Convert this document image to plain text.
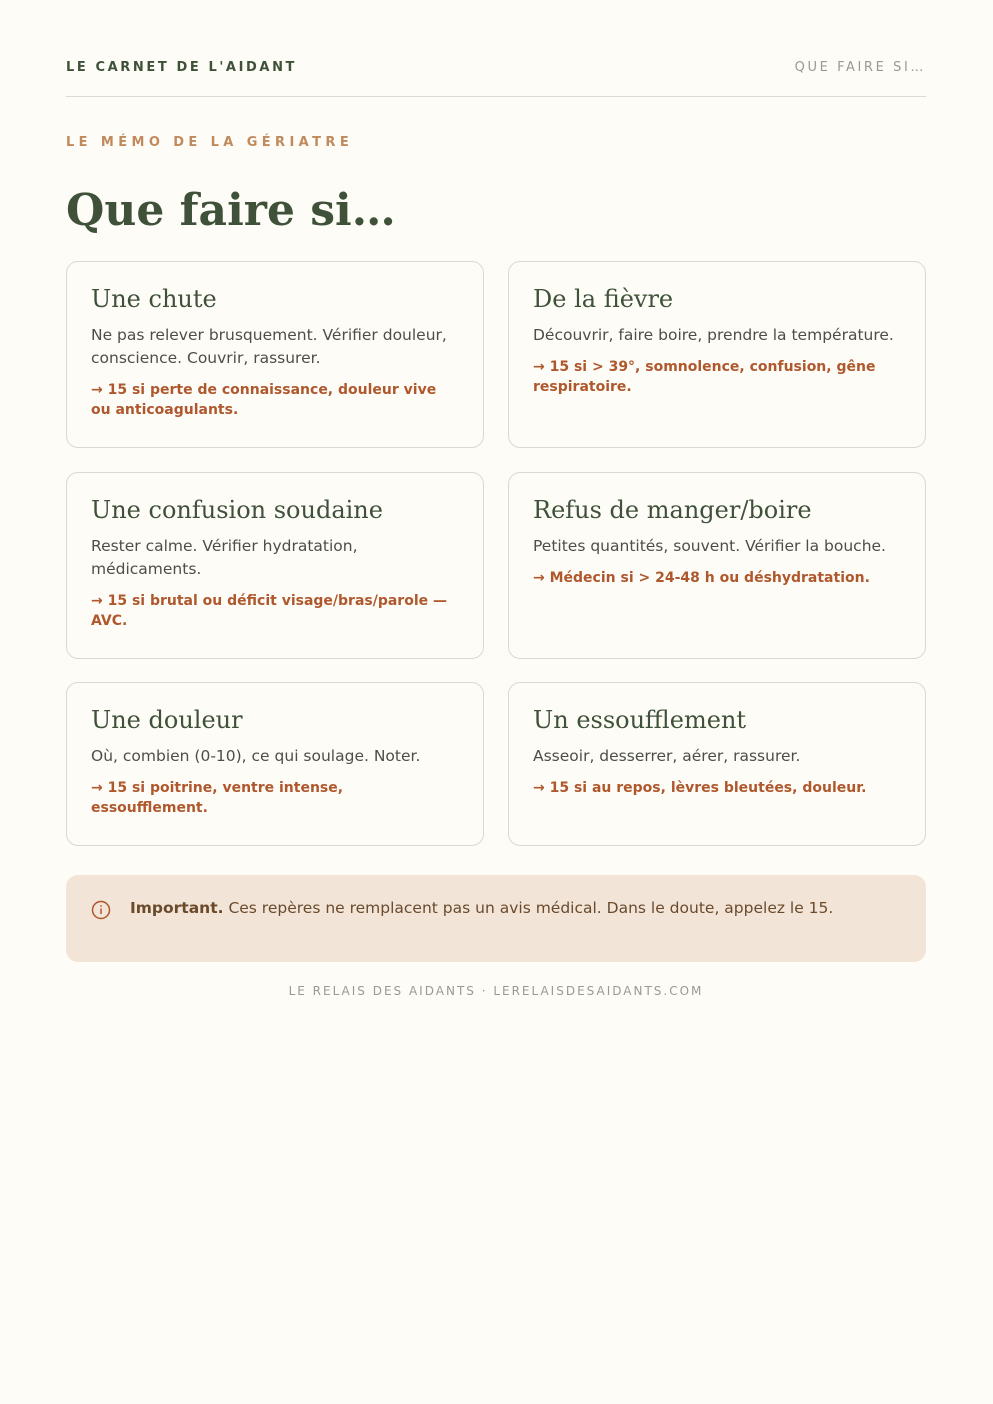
LE CARNET DE L'AIDANT	QUE FAIRE SI…
LE MÉMO DE LA GÉRIATRE
Que faire si…
Une chute

Ne pas relever brusquement. Vérifier douleur, conscience. Couvrir, rassurer.

→ 15 si perte de connaissance, douleur vive ou anticoagulants.

De la fièvre

Découvrir, faire boire, prendre la température.

→ 15 si > 39°, somnolence, confusion, gêne respiratoire.

Une confusion soudaine

Rester calme. Vérifier hydratation, médicaments.

→ 15 si brutal ou déficit visage/bras/parole — AVC.

Refus de manger/boire

Petites quantités, souvent. Vérifier la bouche.

→ Médecin si > 24-48 h ou déshydratation.

Une douleur

Où, combien (0-10), ce qui soulage. Noter.

→ 15 si poitrine, ventre intense, essoufflement.

Un essoufflement

Asseoir, desserrer, aérer, rassurer.

→ 15 si au repos, lèvres bleutées, douleur.

Important. Ces repères ne remplacent pas un avis médical. Dans le doute, appelez le 15.
LE RELAIS DES AIDANTS · LERELAISDESAIDANTS.COM
